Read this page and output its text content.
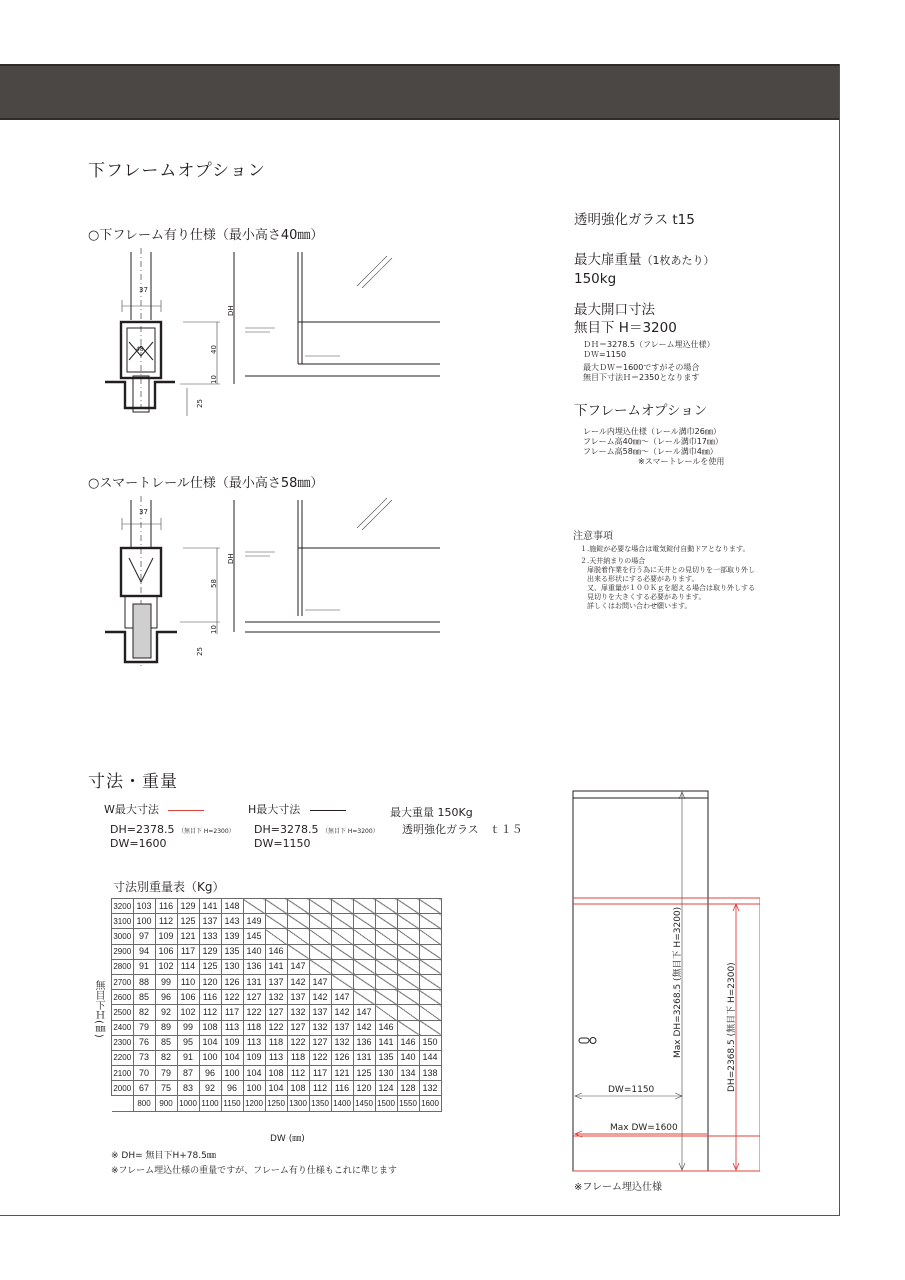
下フレームオプション
○下フレーム有り仕様（最小高さ40㎜）
○スマートレール仕様（最小高さ58㎜）
寸法・重量
37
48	40
10
25
DH
37
58
10
25
DH
透明強化ガラス t15
最大扉重量（1枚あたり）
150kg
最大開口寸法
無目下 H＝3200
ＤＨ＝3278.5（フレーム埋込仕様）
ＤＷ=1150
最大ＤＷ＝1600ですがその場合
無目下寸法Ｈ＝2350となります
下フレームオプション
レール内埋込仕様（レール溝巾26㎜）
フレーム高40㎜〜（レール溝巾17㎜）
フレーム高58㎜〜（レール溝巾4㎜）
※スマートレールを使用
注意事項
１.施錠が必要な場合は電気錠付自動ドアとなります。
２.天井納まりの場合
　扉脱着作業を行う為に天井との見切りを一部取り外し
　出来る形状にする必要があります。
　又、扉重量が１００Ｋｇを超える場合は取り外しする
　見切りを大きくする必要があります。
　詳しくはお問い合わせ願います。
W最大寸法
DH=2378.5 （無目下 H=2300）
DW=1600
H最大寸法
DH=3278.5 （無目下 H=3200）
DW=1150
最大重量 150Kg
透明強化ガラス　ｔ１５
寸法別重量表（Kg）
無目下Ｈ(㎜)
3200	103	116	129	141	148									
3100	100	112	125	137	143	149								
3000	97	109	121	133	139	145								
2900	94	106	117	129	135	140	146							
2800	91	102	114	125	130	136	141	147						
2700	88	99	110	120	126	131	137	142	147					
2600	85	96	106	116	122	127	132	137	142	147				
2500	82	92	102	112	117	122	127	132	137	142	147			
2400	79	89	99	108	113	118	122	127	132	137	142	146		
2300	76	85	95	104	109	113	118	122	127	132	136	141	146	150
2200	73	82	91	100	104	109	113	118	122	126	131	135	140	144
2100	70	79	87	96	100	104	108	112	117	121	125	130	134	138
2000	67	75	83	92	96	100	104	108	112	116	120	124	128	132
	800	900	1000	1100	1150	1200	1250	1300	1350	1400	1450	1500	1550	1600
DW (㎜)
※ DH= 無目下H+78.5㎜
※フレーム埋込仕様の重量ですが、フレーム有り仕様もこれに準じます
Max DH=3268.5 (無目下 H=3200)	DH=2368.5 (無目下 H=2300)
DW=1150
Max DW=1600
※フレーム埋込仕様
